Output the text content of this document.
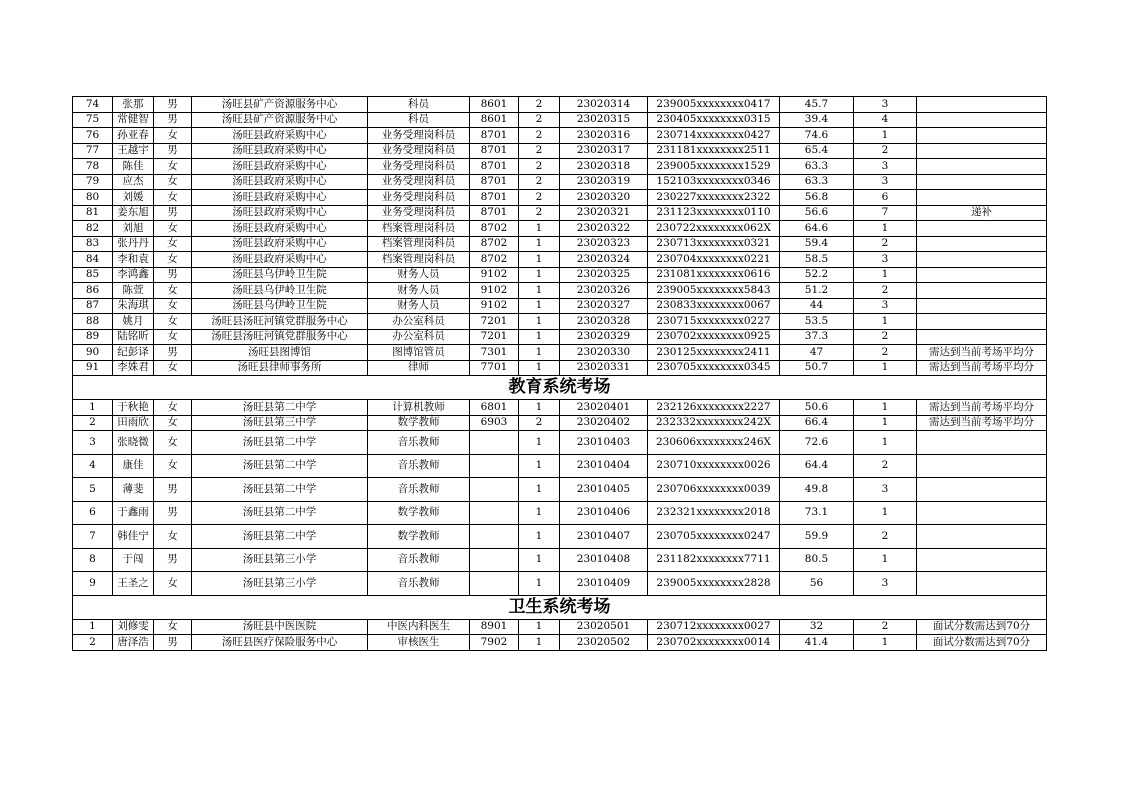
74	张那	男	汤旺县矿产资源服务中心	科员	8601	2	23020314	239005xxxxxxxx0417	45.7	3	
75	常健智	男	汤旺县矿产资源服务中心	科员	8601	2	23020315	230405xxxxxxxx0315	39.4	4	
76	孙亚春	女	汤旺县政府采购中心	业务受理岗科员	8701	2	23020316	230714xxxxxxxx0427	74.6	1	
77	王越宇	男	汤旺县政府采购中心	业务受理岗科员	8701	2	23020317	231181xxxxxxxx2511	65.4	2	
78	陈佳	女	汤旺县政府采购中心	业务受理岗科员	8701	2	23020318	239005xxxxxxxx1529	63.3	3	
79	应杰	女	汤旺县政府采购中心	业务受理岗科员	8701	2	23020319	152103xxxxxxxx0346	63.3	3	
80	刘媛	女	汤旺县政府采购中心	业务受理岗科员	8701	2	23020320	230227xxxxxxxx2322	56.8	6	
81	姜东旭	男	汤旺县政府采购中心	业务受理岗科员	8701	2	23020321	231123xxxxxxxx0110	56.6	7	递补
82	刘旭	女	汤旺县政府采购中心	档案管理岗科员	8702	1	23020322	230722xxxxxxxx062X	64.6	1	
83	张丹丹	女	汤旺县政府采购中心	档案管理岗科员	8702	1	23020323	230713xxxxxxxx0321	59.4	2	
84	李和袁	女	汤旺县政府采购中心	档案管理岗科员	8702	1	23020324	230704xxxxxxxx0221	58.5	3	
85	李鸿鑫	男	汤旺县乌伊岭卫生院	财务人员	9102	1	23020325	231081xxxxxxxx0616	52.2	1	
86	陈萱	女	汤旺县乌伊岭卫生院	财务人员	9102	1	23020326	239005xxxxxxxx5843	51.2	2	
87	朱海琪	女	汤旺县乌伊岭卫生院	财务人员	9102	1	23020327	230833xxxxxxxx0067	44	3	
88	姚月	女	汤旺县汤旺河镇党群服务中心	办公室科员	7201	1	23020328	230715xxxxxxxx0227	53.5	1	
89	陆铭昕	女	汤旺县汤旺河镇党群服务中心	办公室科员	7201	1	23020329	230702xxxxxxxx0925	37.3	2	
90	纪彭译	男	汤旺县图博馆	图博馆管员	7301	1	23020330	230125xxxxxxxx2411	47	2	需达到当前考场平均分
91	李姝君	女	汤旺县律师事务所	律师	7701	1	23020331	230705xxxxxxxx0345	50.7	1	需达到当前考场平均分
教育系统考场											
1	于秋艳	女	汤旺县第二中学	计算机教师	6801	1	23020401	232126xxxxxxxx2227	50.6	1	需达到当前考场平均分
2	田雨欣	女	汤旺县第三中学	数学教师	6903	2	23020402	232332xxxxxxxx242X	66.4	1	需达到当前考场平均分
3	张晓微	女	汤旺县第二中学	音乐教师		1	23010403	230606xxxxxxxx246X	72.6	1	
4	康佳	女	汤旺县第二中学	音乐教师		1	23010404	230710xxxxxxxx0026	64.4	2	
5	薄斐	男	汤旺县第二中学	音乐教师		1	23010405	230706xxxxxxxx0039	49.8	3	
6	于鑫雨	男	汤旺县第二中学	数学教师		1	23010406	232321xxxxxxxx2018	73.1	1	
7	韩佳宁	女	汤旺县第二中学	数学教师		1	23010407	230705xxxxxxxx0247	59.9	2	
8	于闯	男	汤旺县第三小学	音乐教师		1	23010408	231182xxxxxxxx7711	80.5	1	
9	王圣之	女	汤旺县第三小学	音乐教师		1	23010409	239005xxxxxxxx2828	56	3	
卫生系统考场											
1	刘修雯	女	汤旺县中医医院	中医内科医生	8901	1	23020501	230712xxxxxxxx0027	32	2	面试分数需达到70分
2	唐泽浩	男	汤旺县医疗保险服务中心	审核医生	7902	1	23020502	230702xxxxxxxx0014	41.4	1	面试分数需达到70分
